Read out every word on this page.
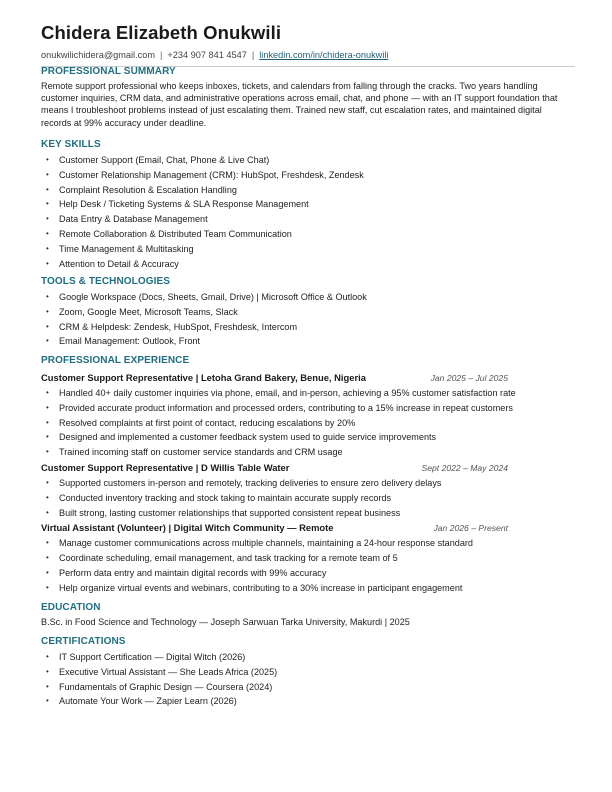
Chidera Elizabeth Onukwili
onukwilichidera@gmail.com | +234 907 841 4547 | linkedin.com/in/chidera-onukwili
PROFESSIONAL SUMMARY

Remote support professional who keeps inboxes, tickets, and calendars from falling through the cracks. Two years handling customer inquiries, CRM data, and administrative operations across email, chat, and phone — with an IT support foundation that means I troubleshoot problems instead of just escalating them. Trained new staff, cut escalation rates, and maintained digital records at 99% accuracy under deadline.

KEY SKILLS
• Customer Support (Email, Chat, Phone & Live Chat)
• Customer Relationship Management (CRM): HubSpot, Freshdesk, Zendesk
• Complaint Resolution & Escalation Handling
• Help Desk / Ticketing Systems & SLA Response Management
• Data Entry & Database Management
• Remote Collaboration & Distributed Team Communication
• Time Management & Multitasking
• Attention to Detail & Accuracy
TOOLS & TECHNOLOGIES
• Google Workspace (Docs, Sheets, Gmail, Drive) | Microsoft Office & Outlook
• Zoom, Google Meet, Microsoft Teams, Slack
• CRM & Helpdesk: Zendesk, HubSpot, Freshdesk, Intercom
• Email Management: Outlook, Front
PROFESSIONAL EXPERIENCE
Customer Support Representative | Letoha Grand Bakery, Benue, Nigeria	Jan 2025 – Jul 2025
• Handled 40+ daily customer inquiries via phone, email, and in-person, achieving a 95% customer satisfaction rate
• Provided accurate product information and processed orders, contributing to a 15% increase in repeat customers
• Resolved complaints at first point of contact, reducing escalations by 20%
• Designed and implemented a customer feedback system used to guide service improvements
• Trained incoming staff on customer service standards and CRM usage
Customer Support Representative | D Willis Table Water	Sept 2022 – May 2024
• Supported customers in-person and remotely, tracking deliveries to ensure zero delivery delays
• Conducted inventory tracking and stock taking to maintain accurate supply records
• Built strong, lasting customer relationships that supported consistent repeat business
Virtual Assistant (Volunteer) | Digital Witch Community — Remote	Jan 2026 – Present
• Manage customer communications across multiple channels, maintaining a 24-hour response standard
• Coordinate scheduling, email management, and task tracking for a remote team of 5
• Perform data entry and maintain digital records with 99% accuracy
• Help organize virtual events and webinars, contributing to a 30% increase in participant engagement
EDUCATION
B.Sc. in Food Science and Technology — Joseph Sarwuan Tarka University, Makurdi | 2025
CERTIFICATIONS
• IT Support Certification — Digital Witch (2026)
• Executive Virtual Assistant — She Leads Africa (2025)
• Fundamentals of Graphic Design — Coursera (2024)
• Automate Your Work — Zapier Learn (2026)
